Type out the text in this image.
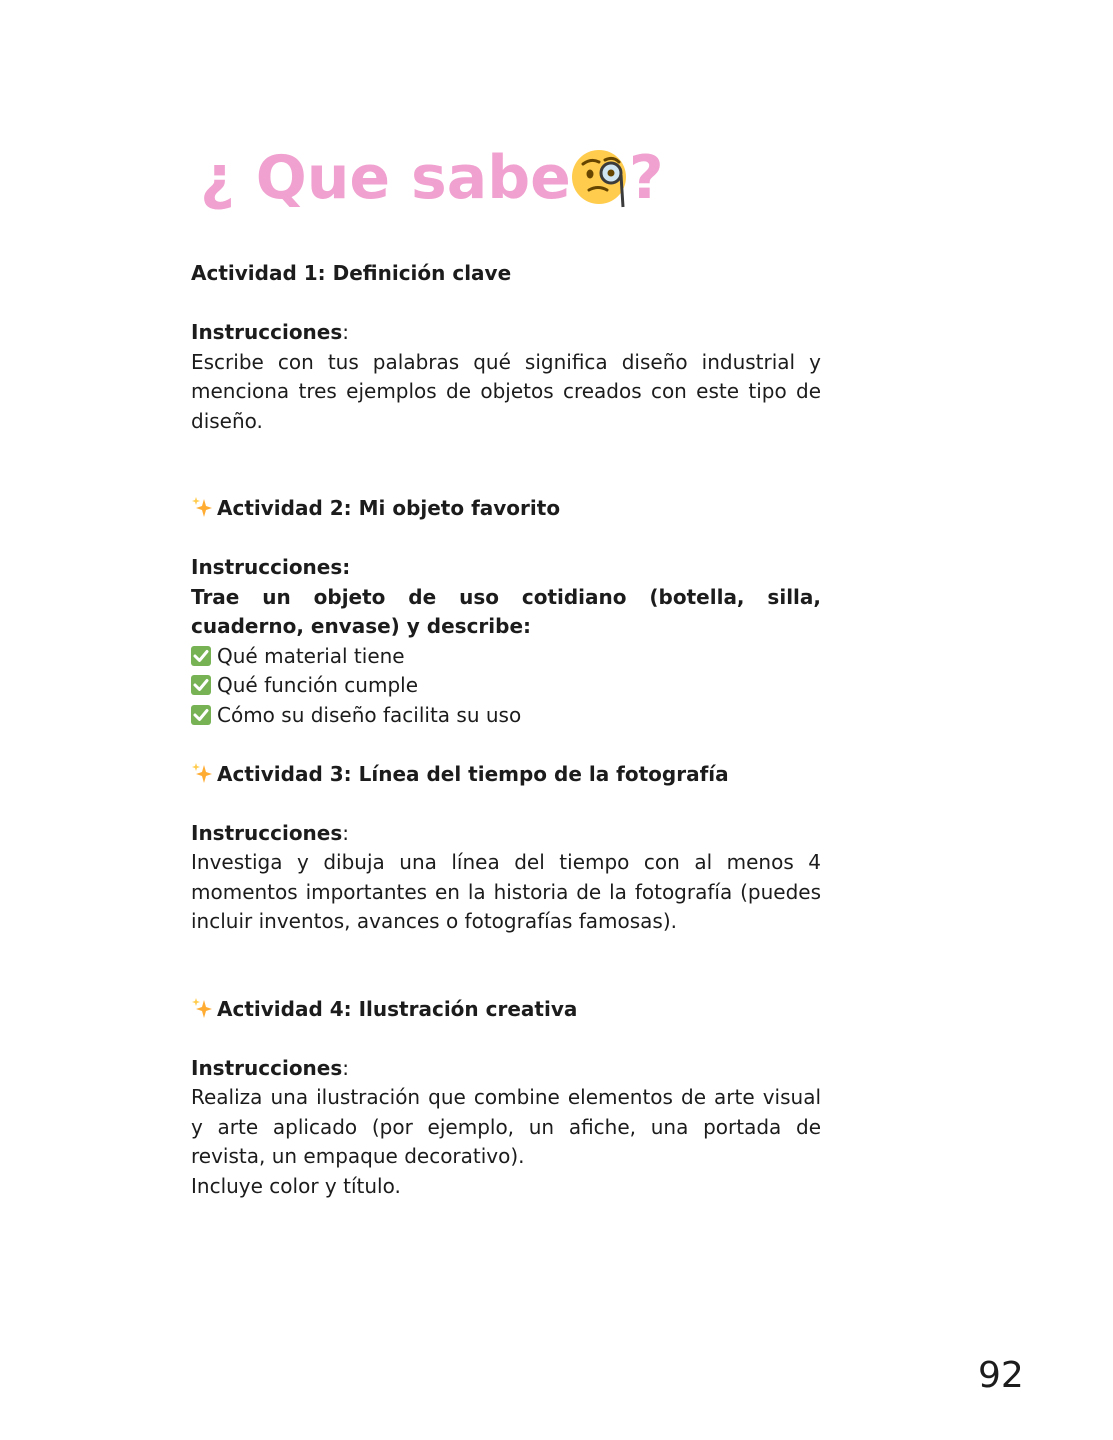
¿ Que sabe ?

Actividad 1: Definición clave

Instrucciones:

Escribe con tus palabras qué significa diseño industrial y menciona tres ejemplos de objetos creados con este tipo de diseño.

Actividad 2: Mi objeto favorito

Instrucciones:

Trae un objeto de uso cotidiano (botella, silla, cuaderno, envase) y describe:

Qué material tiene

Qué función cumple

Cómo su diseño facilita su uso

Actividad 3: Línea del tiempo de la fotografía

Instrucciones:

Investiga y dibuja una línea del tiempo con al menos 4 momentos importantes en la historia de la fotografía (puedes incluir inventos, avances o fotografías famosas).

Actividad 4: Ilustración creativa

Instrucciones:

Realiza una ilustración que combine elementos de arte visual y arte aplicado (por ejemplo, un afiche, una portada de revista, un empaque decorativo).

Incluye color y título.

92
